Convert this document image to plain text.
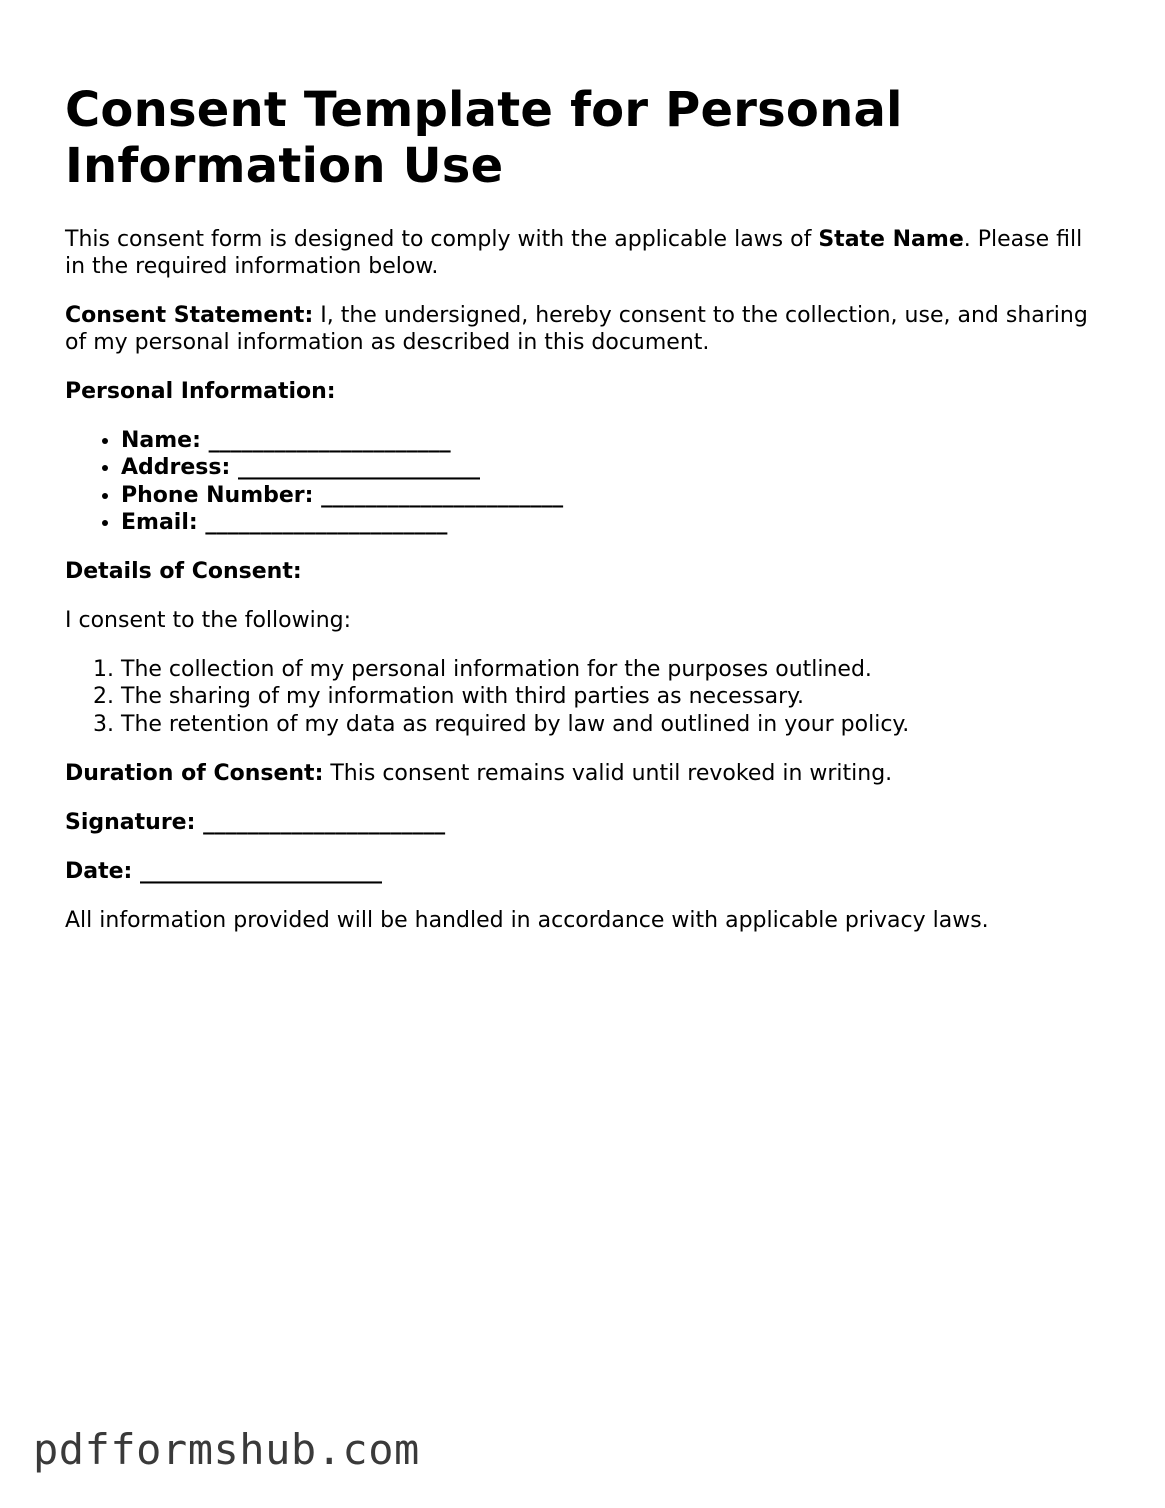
Consent Template for Personal Information Use

This consent form is designed to comply with the applicable laws of State Name. Please fill in the required information below.

Consent Statement: I, the undersigned, hereby consent to the collection, use, and sharing of my personal information as described in this document.

Personal Information:

• Name: ______________________
• Address: ______________________
• Phone Number: ______________________
• Email: ______________________

Details of Consent:

I consent to the following:

1. The collection of my personal information for the purposes outlined.
2. The sharing of my information with third parties as necessary.
3. The retention of my data as required by law and outlined in your policy.

Duration of Consent: This consent remains valid until revoked in writing.

Signature: ______________________

Date: ______________________

All information provided will be handled in accordance with applicable privacy laws.

pdfformshub.com
